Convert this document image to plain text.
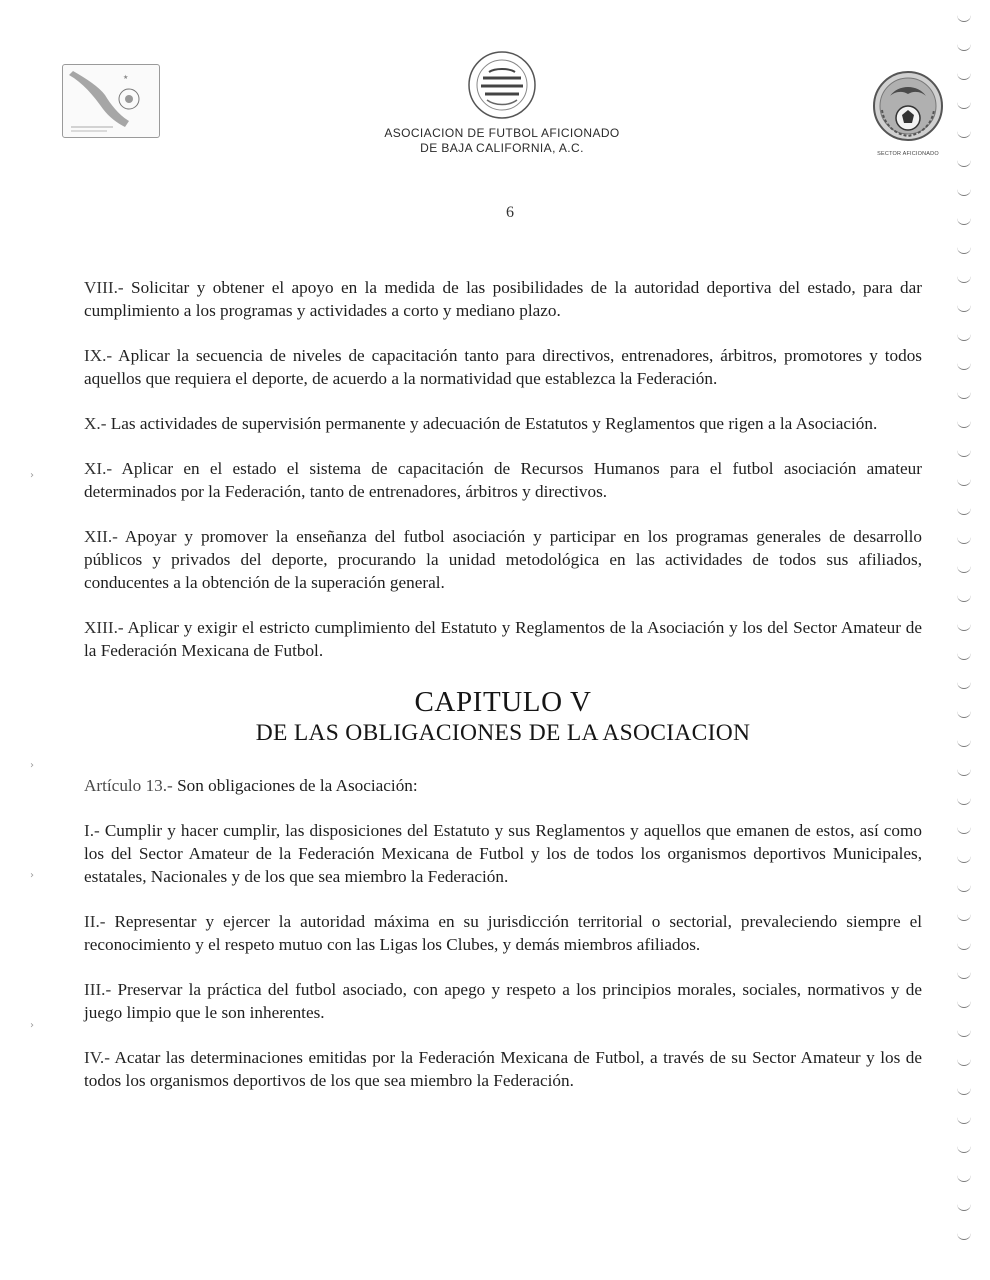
★
SECTOR AFICIONADO
ASOCIACION DE FUTBOL AFICIONADO
DE BAJA CALIFORNIA, A.C.
6

VIII.- Solicitar y obtener el apoyo en la medida de las posibilidades de la autoridad deportiva del estado, para dar cumplimiento a los programas y actividades a corto y mediano plazo.

IX.- Aplicar la secuencia de niveles de capacitación tanto para directivos, entrenadores, árbitros, promotores y todos aquellos que requiera el deporte, de acuerdo a la normatividad que establezca la Federación.

X.- Las actividades de supervisión permanente y adecuación de Estatutos y Reglamentos que rigen a la Asociación.

XI.- Aplicar en el estado el sistema de capacitación de Recursos Humanos para el futbol asociación amateur determinados por la Federación, tanto de entrenadores, árbitros y directivos.

XII.- Apoyar y promover la enseñanza del futbol asociación y participar en los programas generales de desarrollo públicos y privados del deporte, procurando la unidad metodológica en las actividades de todos sus afiliados, conducentes a la obtención de la superación general.

XIII.- Aplicar y exigir el estricto cumplimiento del Estatuto y Reglamentos de la Asociación y los del Sector Amateur de la Federación Mexicana de Futbol.

CAPITULO V
DE LAS OBLIGACIONES DE LA ASOCIACION

Artículo 13.- Son obligaciones de la Asociación:

I.- Cumplir y hacer cumplir, las disposiciones del Estatuto y sus Reglamentos y aquellos que emanen de estos, así como los del Sector Amateur de la Federación Mexicana de Futbol y los de todos los organismos deportivos Municipales, estatales, Nacionales y de los que sea miembro la Federación.

II.- Representar y ejercer la autoridad máxima en su jurisdicción territorial o sectorial, prevaleciendo siempre el reconocimiento y el respeto mutuo con las Ligas los Clubes, y demás miembros afiliados.

III.- Preservar la práctica del futbol asociado, con apego y respeto a los principios morales, sociales, normativos y de juego limpio que le son inherentes.

IV.- Acatar las determinaciones emitidas por la Federación Mexicana de Futbol, a través de su Sector Amateur y los de todos los organismos deportivos de los que sea miembro la Federación.

›
›
›
›
